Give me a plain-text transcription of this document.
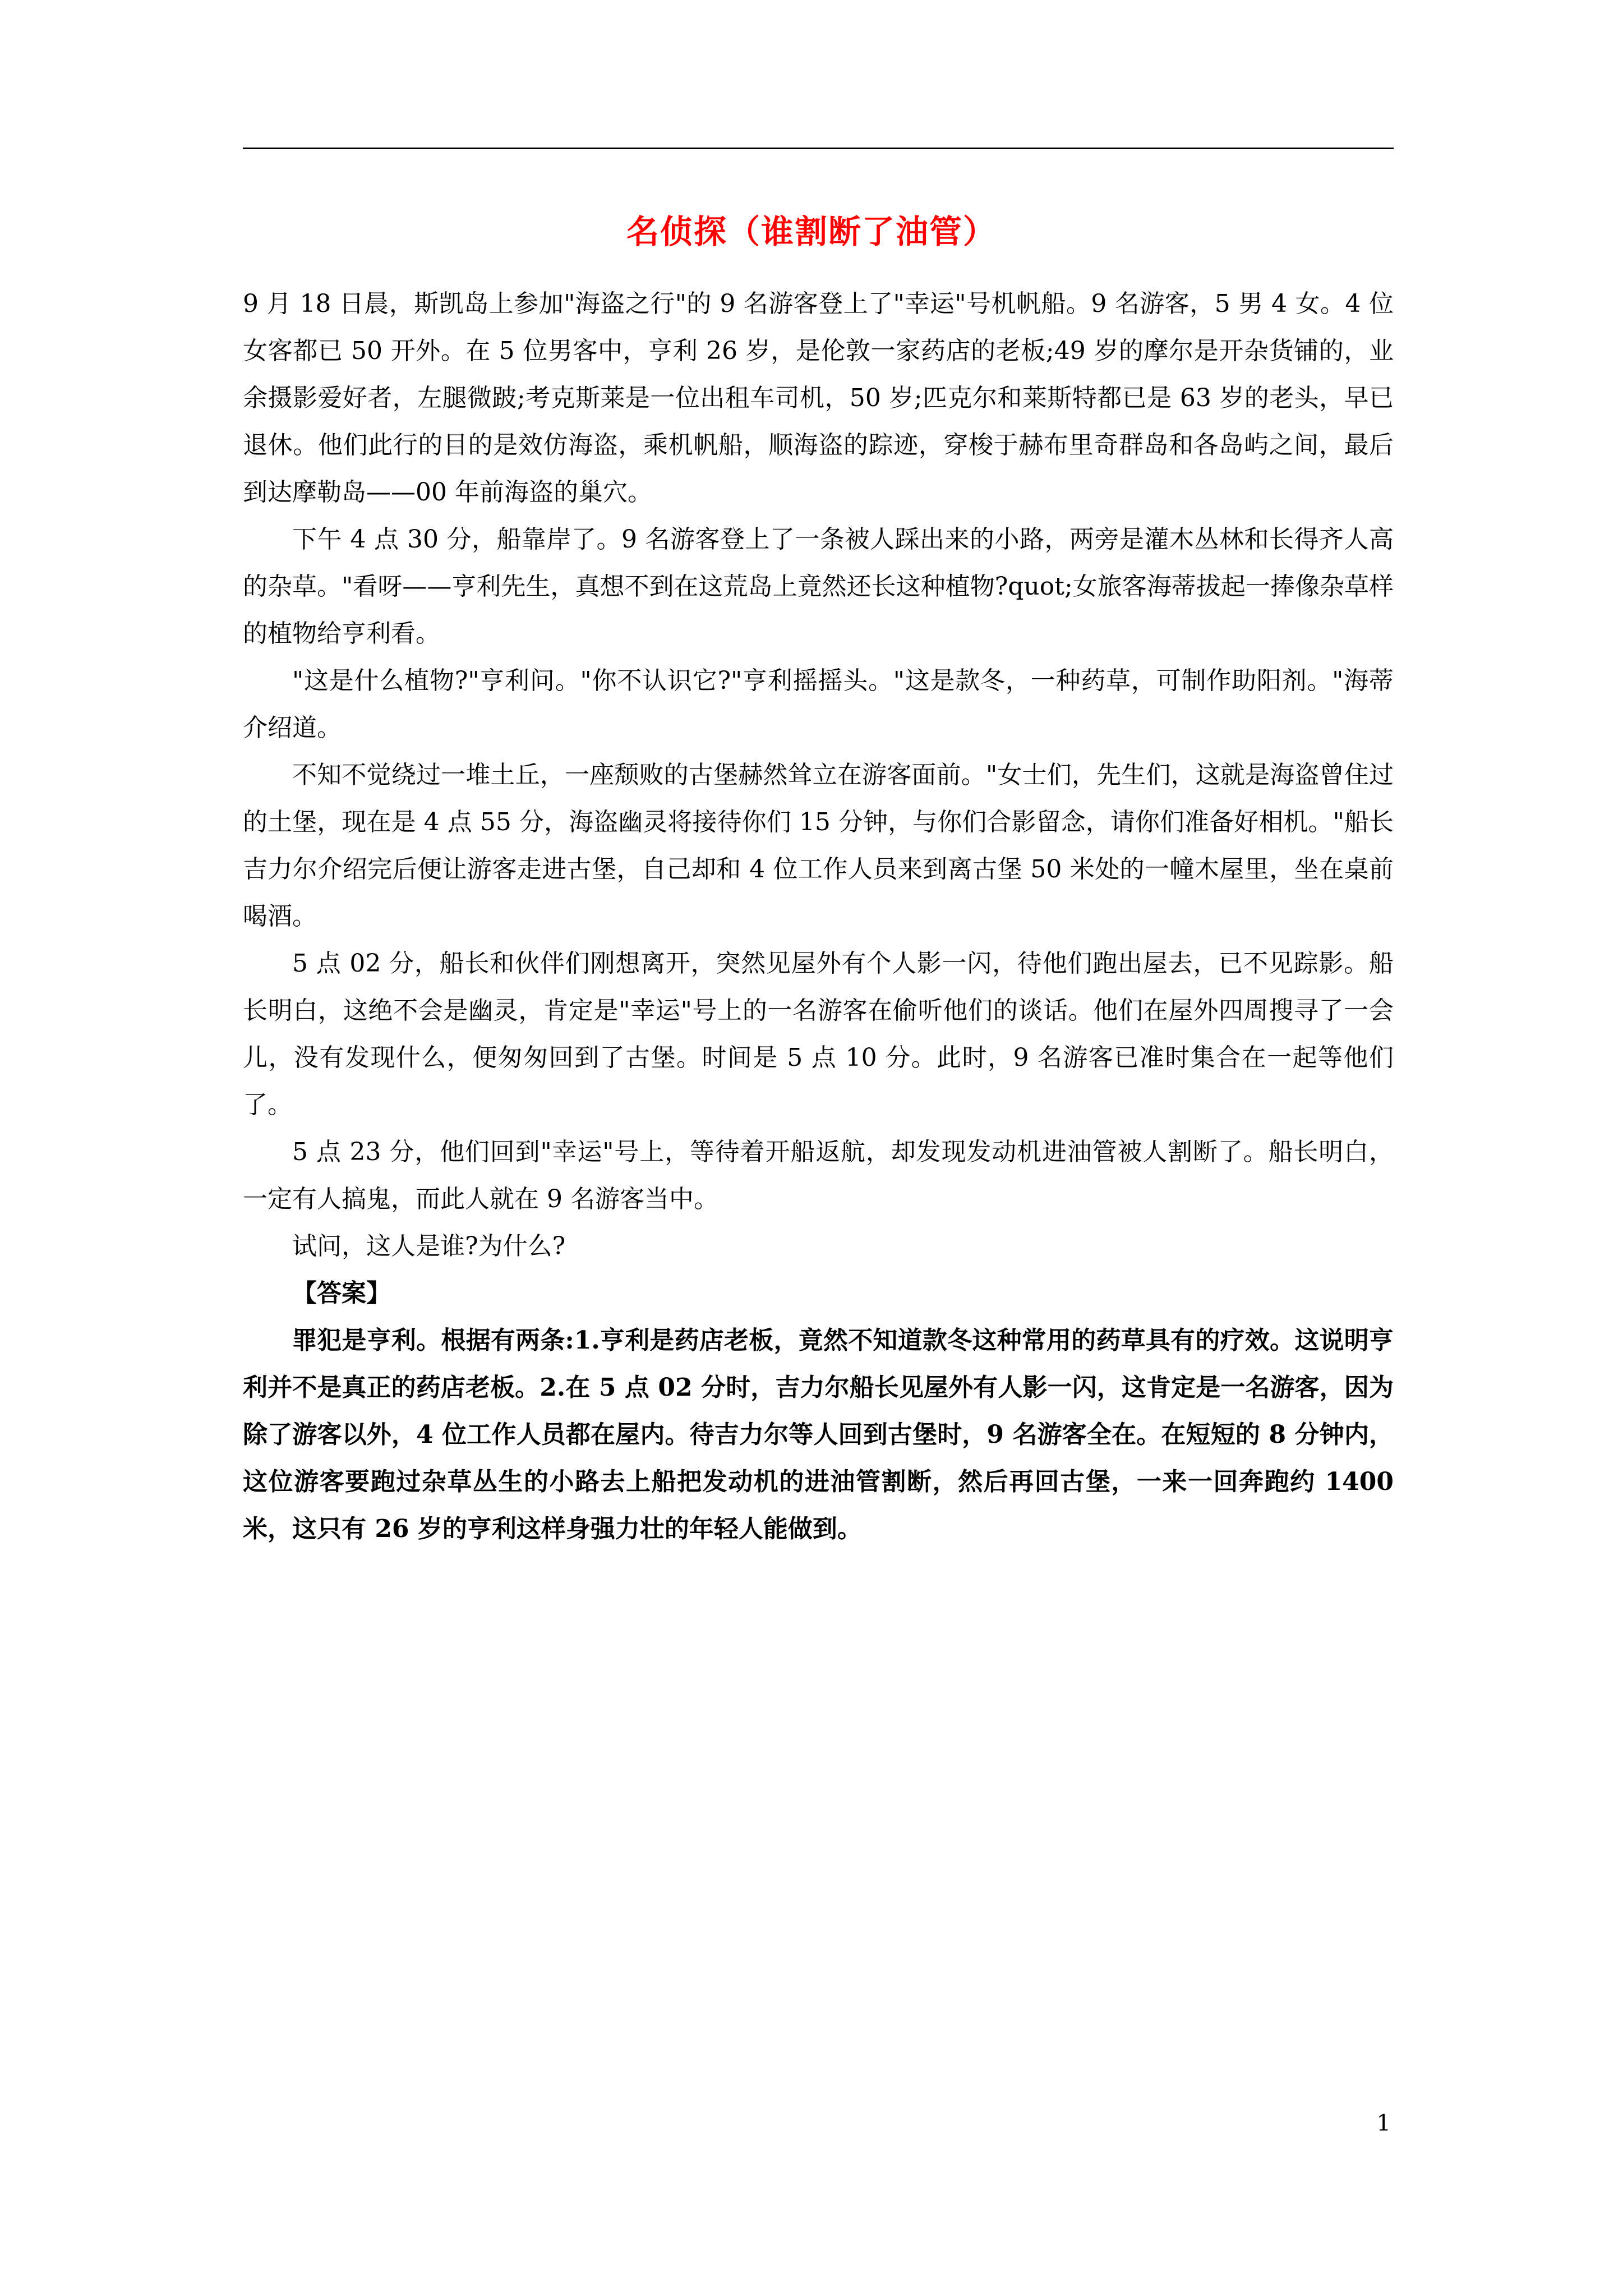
名侦探（谁割断了油管）

9 月 18 日晨，斯凯岛上参加"海盗之行"的 9 名游客登上了"幸运"号机帆船。9 名游客，5 男 4 女。4 位女客都已 50 开外。在 5 位男客中，亨利 26 岁，是伦敦一家药店的老板;49 岁的摩尔是开杂货铺的，业余摄影爱好者，左腿微跛;考克斯莱是一位出租车司机，50 岁;匹克尔和莱斯特都已是 63 岁的老头，早已退休。他们此行的目的是效仿海盗，乘机帆船，顺海盗的踪迹，穿梭于赫布里奇群岛和各岛屿之间，最后到达摩勒岛——00 年前海盗的巢穴。

下午 4 点 30 分，船靠岸了。9 名游客登上了一条被人踩出来的小路，两旁是灌木丛林和长得齐人高的杂草。"看呀——亨利先生，真想不到在这荒岛上竟然还长这种植物?quot;女旅客海蒂拔起一捧像杂草样的植物给亨利看。

"这是什么植物?"亨利问。"你不认识它?"亨利摇摇头。"这是款冬，一种药草，可制作助阳剂。"海蒂介绍道。

不知不觉绕过一堆土丘，一座颓败的古堡赫然耸立在游客面前。"女士们，先生们，这就是海盗曾住过的土堡，现在是 4 点 55 分，海盗幽灵将接待你们 15 分钟，与你们合影留念，请你们准备好相机。"船长吉力尔介绍完后便让游客走进古堡，自己却和 4 位工作人员来到离古堡 50 米处的一幢木屋里，坐在桌前喝酒。

5 点 02 分，船长和伙伴们刚想离开，突然见屋外有个人影一闪，待他们跑出屋去，已不见踪影。船长明白，这绝不会是幽灵，肯定是"幸运"号上的一名游客在偷听他们的谈话。他们在屋外四周搜寻了一会儿，没有发现什么，便匆匆回到了古堡。时间是 5 点 10 分。此时，9 名游客已准时集合在一起等他们了。

5 点 23 分，他们回到"幸运"号上，等待着开船返航，却发现发动机进油管被人割断了。船长明白，一定有人搞鬼，而此人就在 9 名游客当中。

试问，这人是谁?为什么?

【答案】

罪犯是亨利。根据有两条:1.亨利是药店老板，竟然不知道款冬这种常用的药草具有的疗效。这说明亨利并不是真正的药店老板。2.在 5 点 02 分时，吉力尔船长见屋外有人影一闪，这肯定是一名游客，因为除了游客以外，4 位工作人员都在屋内。待吉力尔等人回到古堡时，9 名游客全在。在短短的 8 分钟内，这位游客要跑过杂草丛生的小路去上船把发动机的进油管割断，然后再回古堡，一来一回奔跑约 1400 米，这只有 26 岁的亨利这样身强力壮的年轻人能做到。

1
